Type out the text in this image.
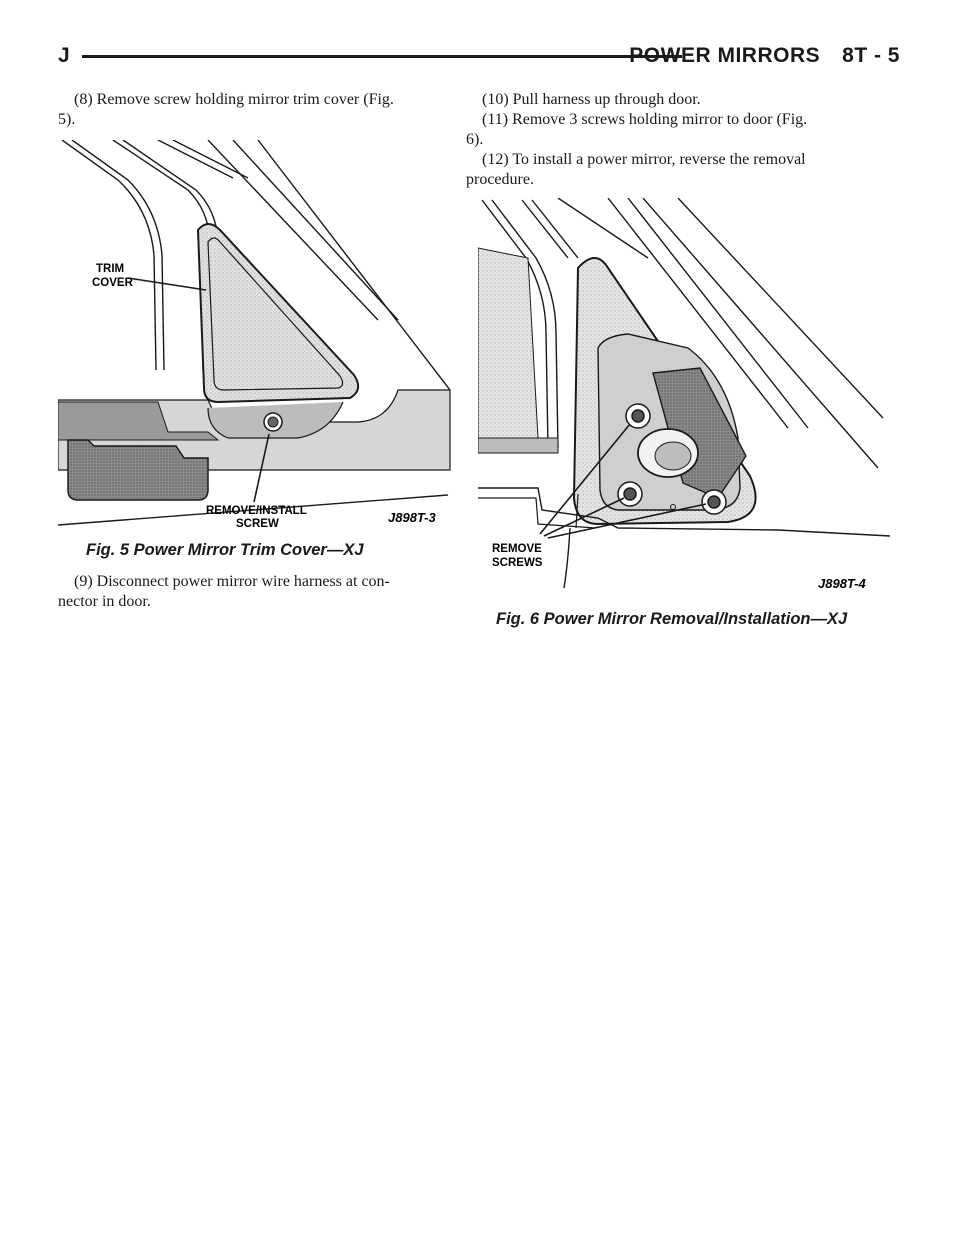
J	POWER MIRRORS 8T - 5
(8) Remove screw holding mirror trim cover (Fig.
5).
TRIM
COVER
REMOVE/INSTALL
SCREW	J898T-3
Fig. 5 Power Mirror Trim Cover—XJ
(9) Disconnect power mirror wire harness at con-
nector in door.
(10) Pull harness up through door.
(11) Remove 3 screws holding mirror to door (Fig.
6).
(12) To install a power mirror, reverse the removal
procedure.
REMOVE
SCREWS
J898T-4
Fig. 6 Power Mirror Removal/Installation—XJ
